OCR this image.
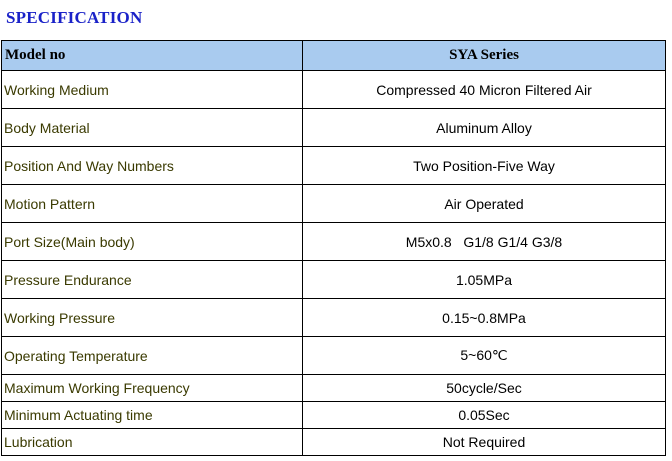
SPECIFICATION
Model no	SYA Series
Working Medium	Compressed 40 Micron Filtered Air
Body Material	Aluminum Alloy
Position And Way Numbers	Two Position-Five Way
Motion Pattern	Air Operated
Port Size(Main body)	M5x0.8   G1/8 G1/4 G3/8
Pressure Endurance	1.05MPa
Working Pressure	0.15~0.8MPa
Operating Temperature	5~60℃
Maximum Working Frequency	50cycle/Sec
Minimum Actuating time	0.05Sec
Lubrication	Not Required
